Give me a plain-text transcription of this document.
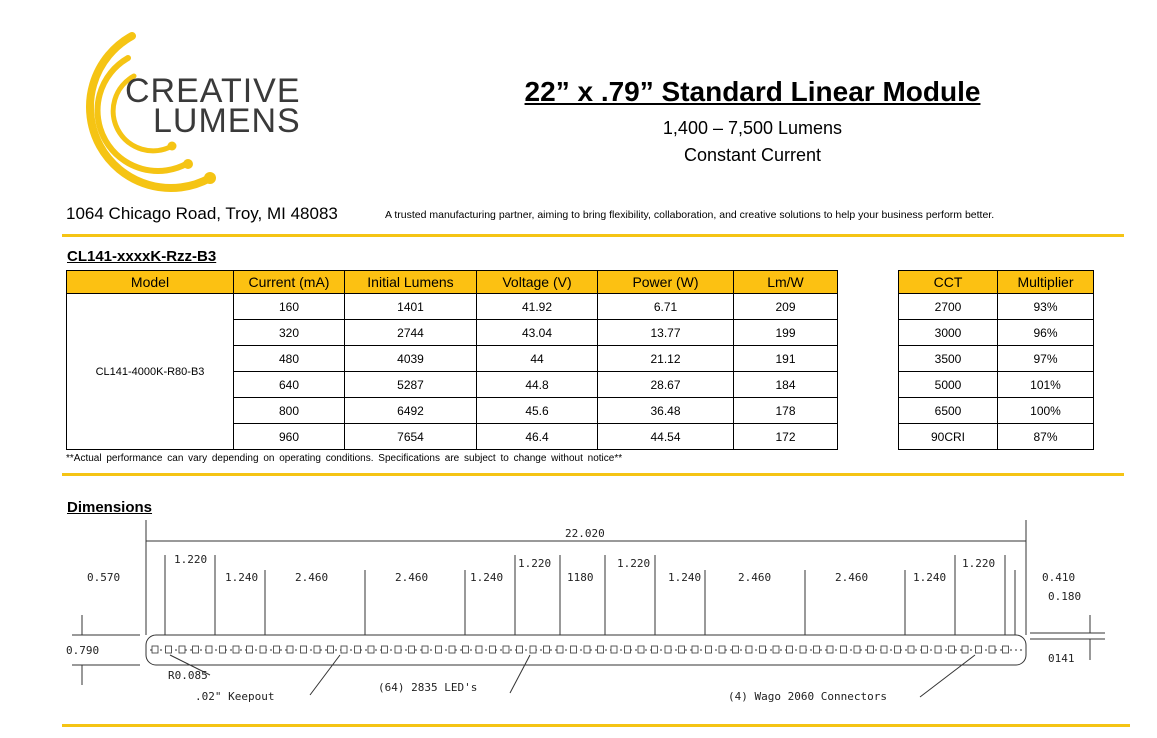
CREATIVE
LUMENS
22” x .79” Standard Linear Module
1,400 – 7,500 Lumens
Constant Current
1064 Chicago Road, Troy, MI 48083	A trusted manufacturing partner, aiming to bring flexibility, collaboration, and creative solutions to help your business perform better.
CL141-xxxxK-Rzz-B3
Model	Current (mA)	Initial Lumens	Voltage (V)	Power (W)	Lm/W
CL141-4000K-R80-B3	160	1401	41.92	6.71	209
	320	2744	43.04	13.77	199
	480	4039	44	21.12	191
	640	5287	44.8	28.67	184
	800	6492	45.6	36.48	178
	960	7654	46.4	44.54	172
CCT	Multiplier
2700	93%
3000	96%
3500	97%
5000	101%
6500	100%
90CRI	87%
**Actual performance can vary depending on operating conditions. Specifications are subject to change without notice**
Dimensions
22.020
0.570
1.220
1.240	2.460	2.460	1.240
1.220
1180
1.220
1.240	2.460	2.460	1.240
1.220
0.410
0.180
0.790
0141
R0.085
.02" Keepout
(64) 2835 LED's
(4) Wago 2060 Connectors
